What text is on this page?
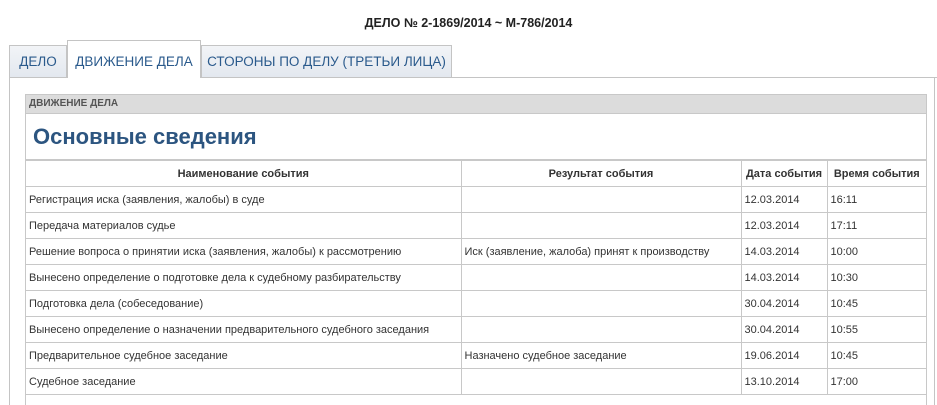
ДЕЛО № 2-1869/2014 ~ М-786/2014
ДЕЛО	ДВИЖЕНИЕ ДЕЛА	СТОРОНЫ ПО ДЕЛУ (ТРЕТЬИ ЛИЦА)
ДВИЖЕНИЕ ДЕЛА
Основные сведения
Наименование события	Результат события	Дата события	Время события
Регистрация иска (заявления, жалобы) в суде		12.03.2014	16:11
Передача материалов судье		12.03.2014	17:11
Решение вопроса о принятии иска (заявления, жалобы) к рассмотрению	Иск (заявление, жалоба) принят к производству	14.03.2014	10:00
Вынесено определение о подготовке дела к судебному разбирательству		14.03.2014	10:30
Подготовка дела (собеседование)		30.04.2014	10:45
Вынесено определение о назначении предварительного судебного заседания		30.04.2014	10:55
Предварительное судебное заседание	Назначено судебное заседание	19.06.2014	10:45
Судебное заседание		13.10.2014	17:00
